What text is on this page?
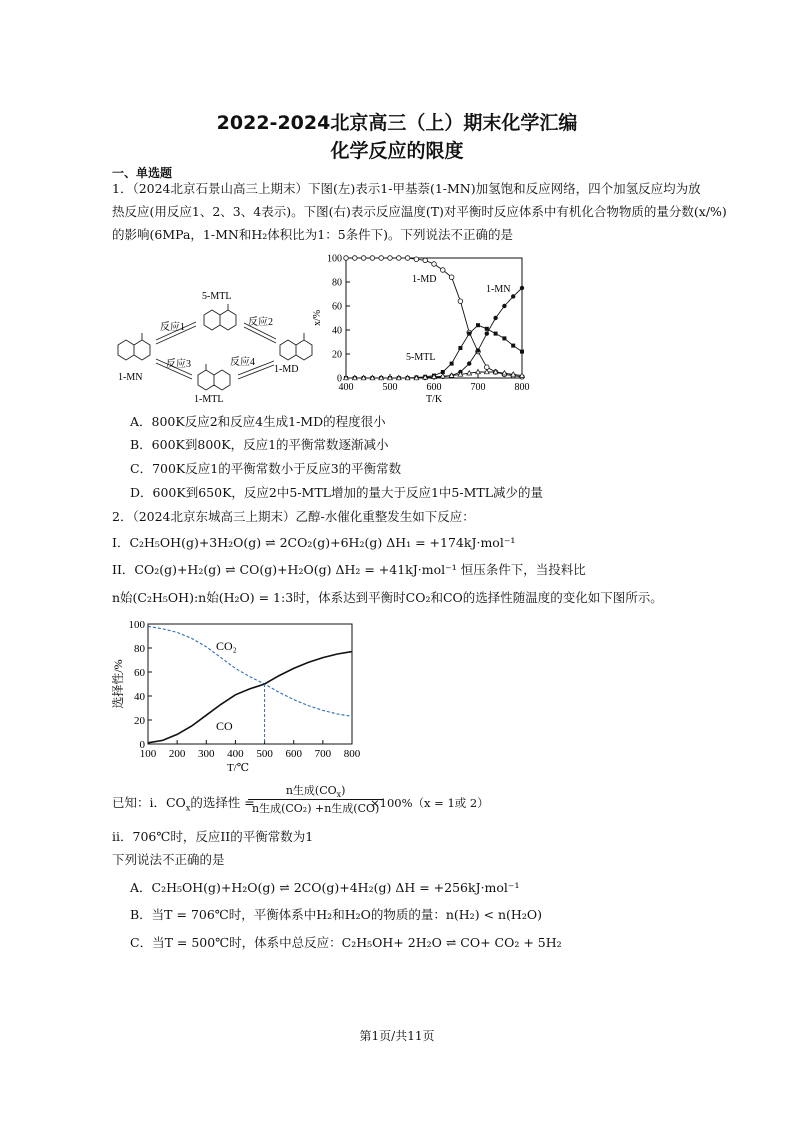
2022-2024北京高三（上）期末化学汇编
化学反应的限度
一、单选题
1．（2024北京石景山高三上期末）下图(左)表示1-甲基萘(1-MN)加氢饱和反应网络，四个加氢反应均为放
热反应(用反应1、2、3、4表示)。下图(右)表示反应温度(T)对平衡时反应体系中有机化合物物质的量分数(x/%)
的影响(6MPa，1-MN和H₂体积比为1：5条件下)。下列说法不正确的是
5-MTL
1-MN
1-MTL
1-MD
反应1	反应2
反应3	反应4
400	500	600	700	800
0
20
40
60
80
100
T/K
x/%
1-MD
1-MN
5-MTL
A．800K反应2和反应4生成1-MD的程度很小
B．600K到800K，反应1的平衡常数逐渐减小
C．700K反应1的平衡常数小于反应3的平衡常数
D．600K到650K，反应2中5-MTL增加的量大于反应1中5-MTL减少的量
2．（2024北京东城高三上期末）乙醇-水催化重整发生如下反应：
I．C₂H₅OH(g)+3H₂O(g) ⇌ 2CO₂(g)+6H₂(g) ΔH₁ = +174kJ·mol⁻¹
II．CO₂(g)+H₂(g) ⇌ CO(g)+H₂O(g) ΔH₂ = +41kJ·mol⁻¹ 恒压条件下，当投料比
n始(C₂H₅OH):n始(H₂O) = 1:3时，体系达到平衡时CO₂和CO的选择性随温度的变化如下图所示。
100 200 300 400 500 600 700 800
0
20
40
60
80
100
T/℃
选择性/%
CO₂
CO
已知：i．$CO_x$的选择性 =
n生成$(CO_x)$
n生成(CO₂) +n生成(CO)
×100%（x = 1或 2）
ii．706℃时，反应II的平衡常数为1
下列说法不正确的是
A．C₂H₅OH(g)+H₂O(g) ⇌ 2CO(g)+4H₂(g) ΔH = +256kJ·mol⁻¹
B．当T = 706℃时，平衡体系中H₂和H₂O的物质的量：n(H₂) < n(H₂O)
C．当T = 500℃时，体系中总反应：C₂H₅OH+ 2H₂O ⇌ CO+ CO₂ + 5H₂
第1页/共11页
